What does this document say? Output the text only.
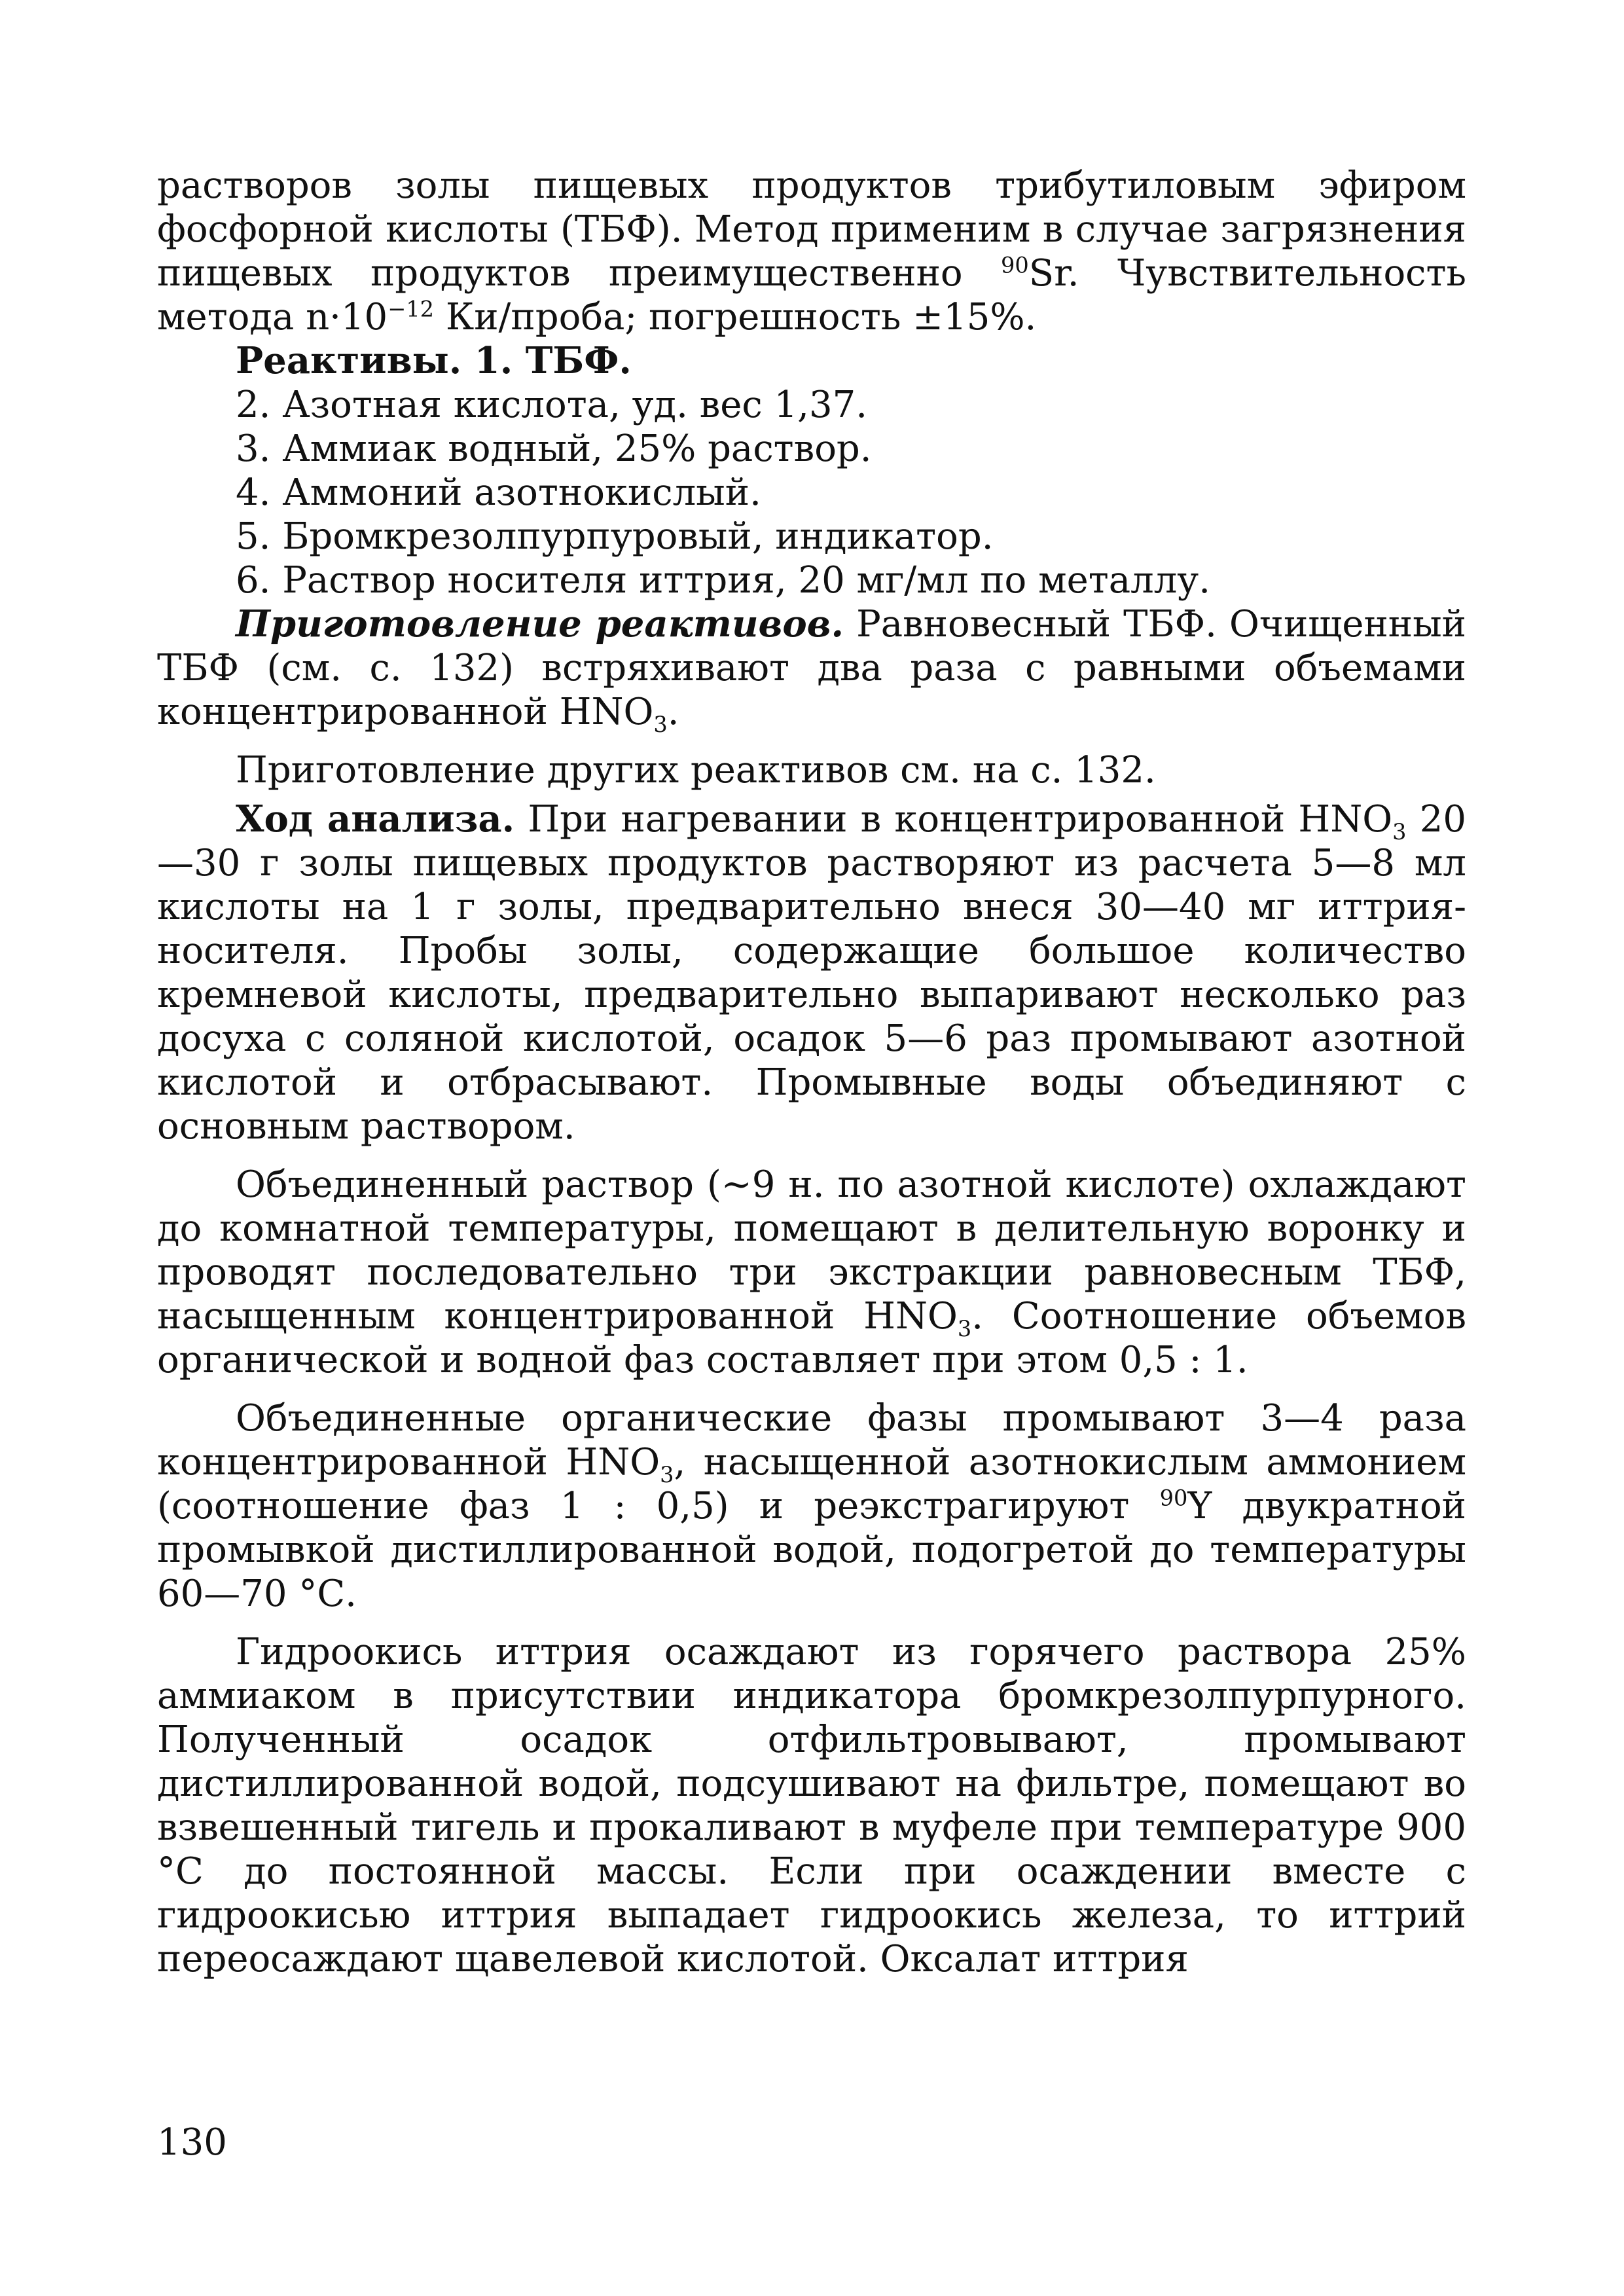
растворов золы пищевых продуктов трибутиловым эфиром фосфорной кислоты (ТБФ). Метод применим в случае загрязнения пищевых продуктов преимущественно $^{90}$Sr. Чувствительность метода $n\cdot 10^{-12}$ Ки/проба; погрешность ±15%.

Реактивы. 1. ТБФ.

2. Азотная кислота, уд. вес 1,37.

3. Аммиак водный, 25% раствор.

4. Аммоний азотнокислый.

5. Бромкрезолпурпуровый, индикатор.

6. Раствор носителя иттрия, 20 мг/мл по металлу.

Приготовление реактивов. Равновесный ТБФ. Очищенный ТБФ (см. с. 132) встряхивают два раза с равными объемами концентрированной $HNO_3$.

Приготовление других реактивов см. на с. 132.

Ход анализа. При нагревании в концентрированной $HNO_3$ 20—30 г золы пищевых продуктов растворяют из расчета 5—8 мл кислоты на 1 г золы, предварительно внеся 30—40 мг иттрия-носителя. Пробы золы, содержащие большое количество кремневой кислоты, предварительно выпаривают несколько раз досуха с соляной кислотой, осадок 5—6 раз промывают азотной кислотой и отбрасывают. Промывные воды объединяют с основным раствором.

Объединенный раствор (~9 н. по азотной кислоте) охлаждают до комнатной температуры, помещают в делительную воронку и проводят последовательно три экстракции равновесным ТБФ, насыщенным концентрированной $HNO_3$. Соотношение объемов органической и водной фаз составляет при этом 0,5 : 1.

Объединенные органические фазы промывают 3—4 раза концентрированной $HNO_3$, насыщенной азотнокислым аммонием (соотношение фаз 1 : 0,5) и реэкстрагируют $^{90}$Y двукратной промывкой дистиллированной водой, подогретой до температуры 60—70 °С.

Гидроокись иттрия осаждают из горячего раствора 25% аммиаком в присутствии индикатора бромкрезолпурпурного. Полученный осадок отфильтровывают, промывают дистиллированной водой, подсушивают на фильтре, помещают во взвешенный тигель и прокаливают в муфеле при температуре 900 °С до постоянной массы. Если при осаждении вместе с гидроокисью иттрия выпадает гидроокись железа, то иттрий переосаждают щавелевой кислотой. Оксалат иттрия

130
